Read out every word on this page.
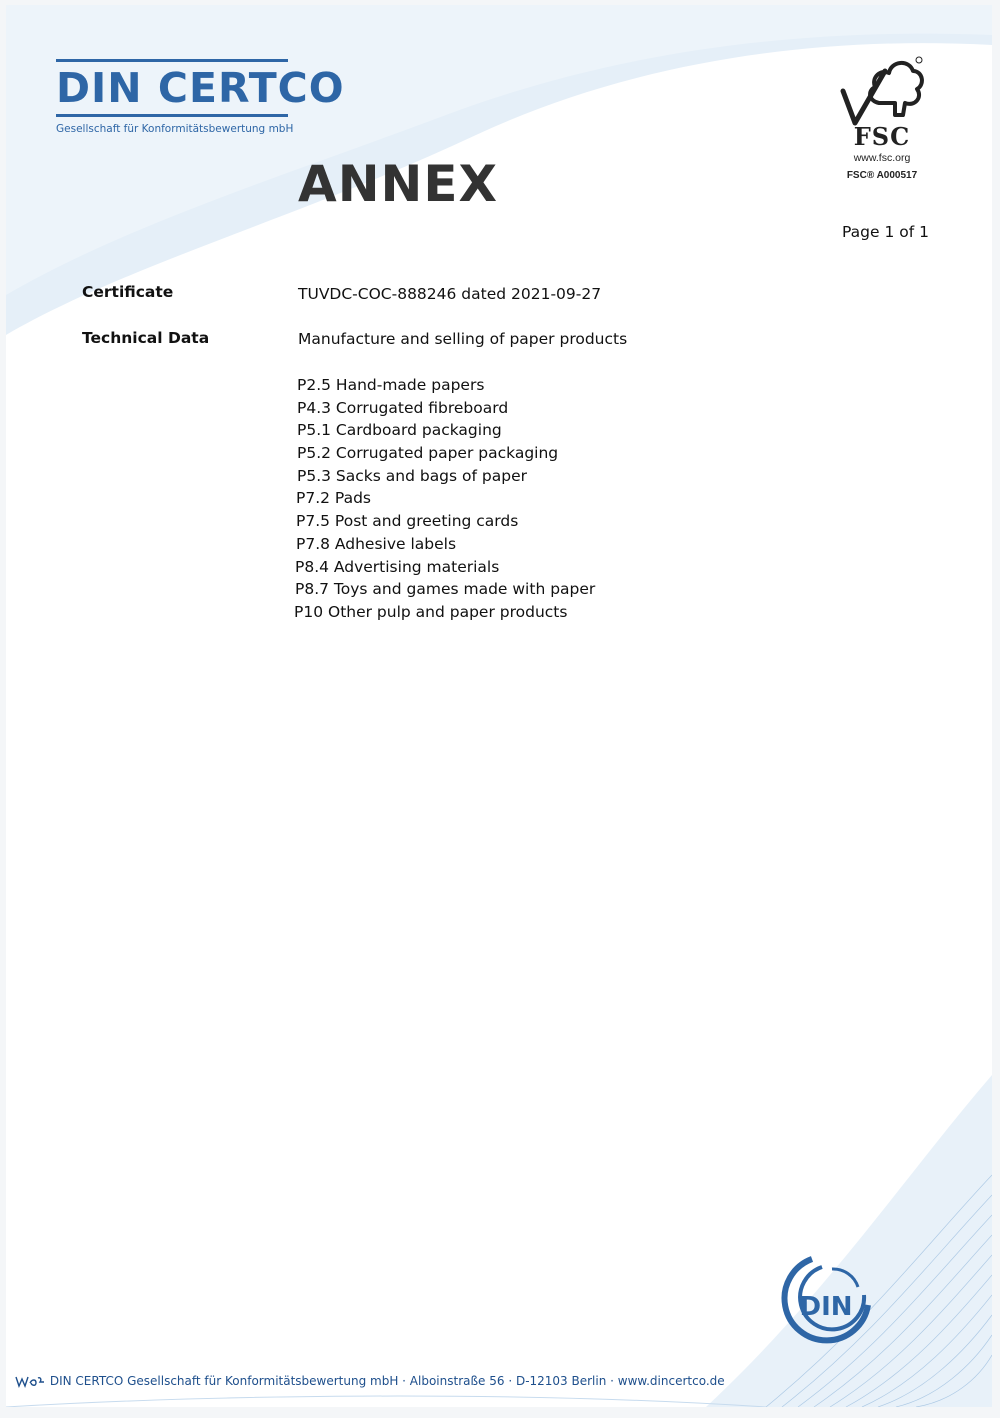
DIN CERTCO
Gesellschaft für Konformitätsbewertung mbH
ANNEX
FSC
www.fsc.org
FSC® A000517
Page 1 of 1
Certificate	TUVDC-COC-888246 dated 2021-09-27
Technical Data	Manufacture and selling of paper products
P2.5 Hand-made papers
P4.3 Corrugated fibreboard
P5.1 Cardboard packaging
P5.2 Corrugated paper packaging
P5.3 Sacks and bags of paper
P7.2 Pads
P7.5 Post and greeting cards
P7.8 Adhesive labels
P8.4 Advertising materials
P8.7 Toys and games made with paper
P10 Other pulp and paper products
DIN
DIN CERTCO Gesellschaft für Konformitätsbewertung mbH · Alboinstraße 56 · D-12103 Berlin · www.dincertco.de
